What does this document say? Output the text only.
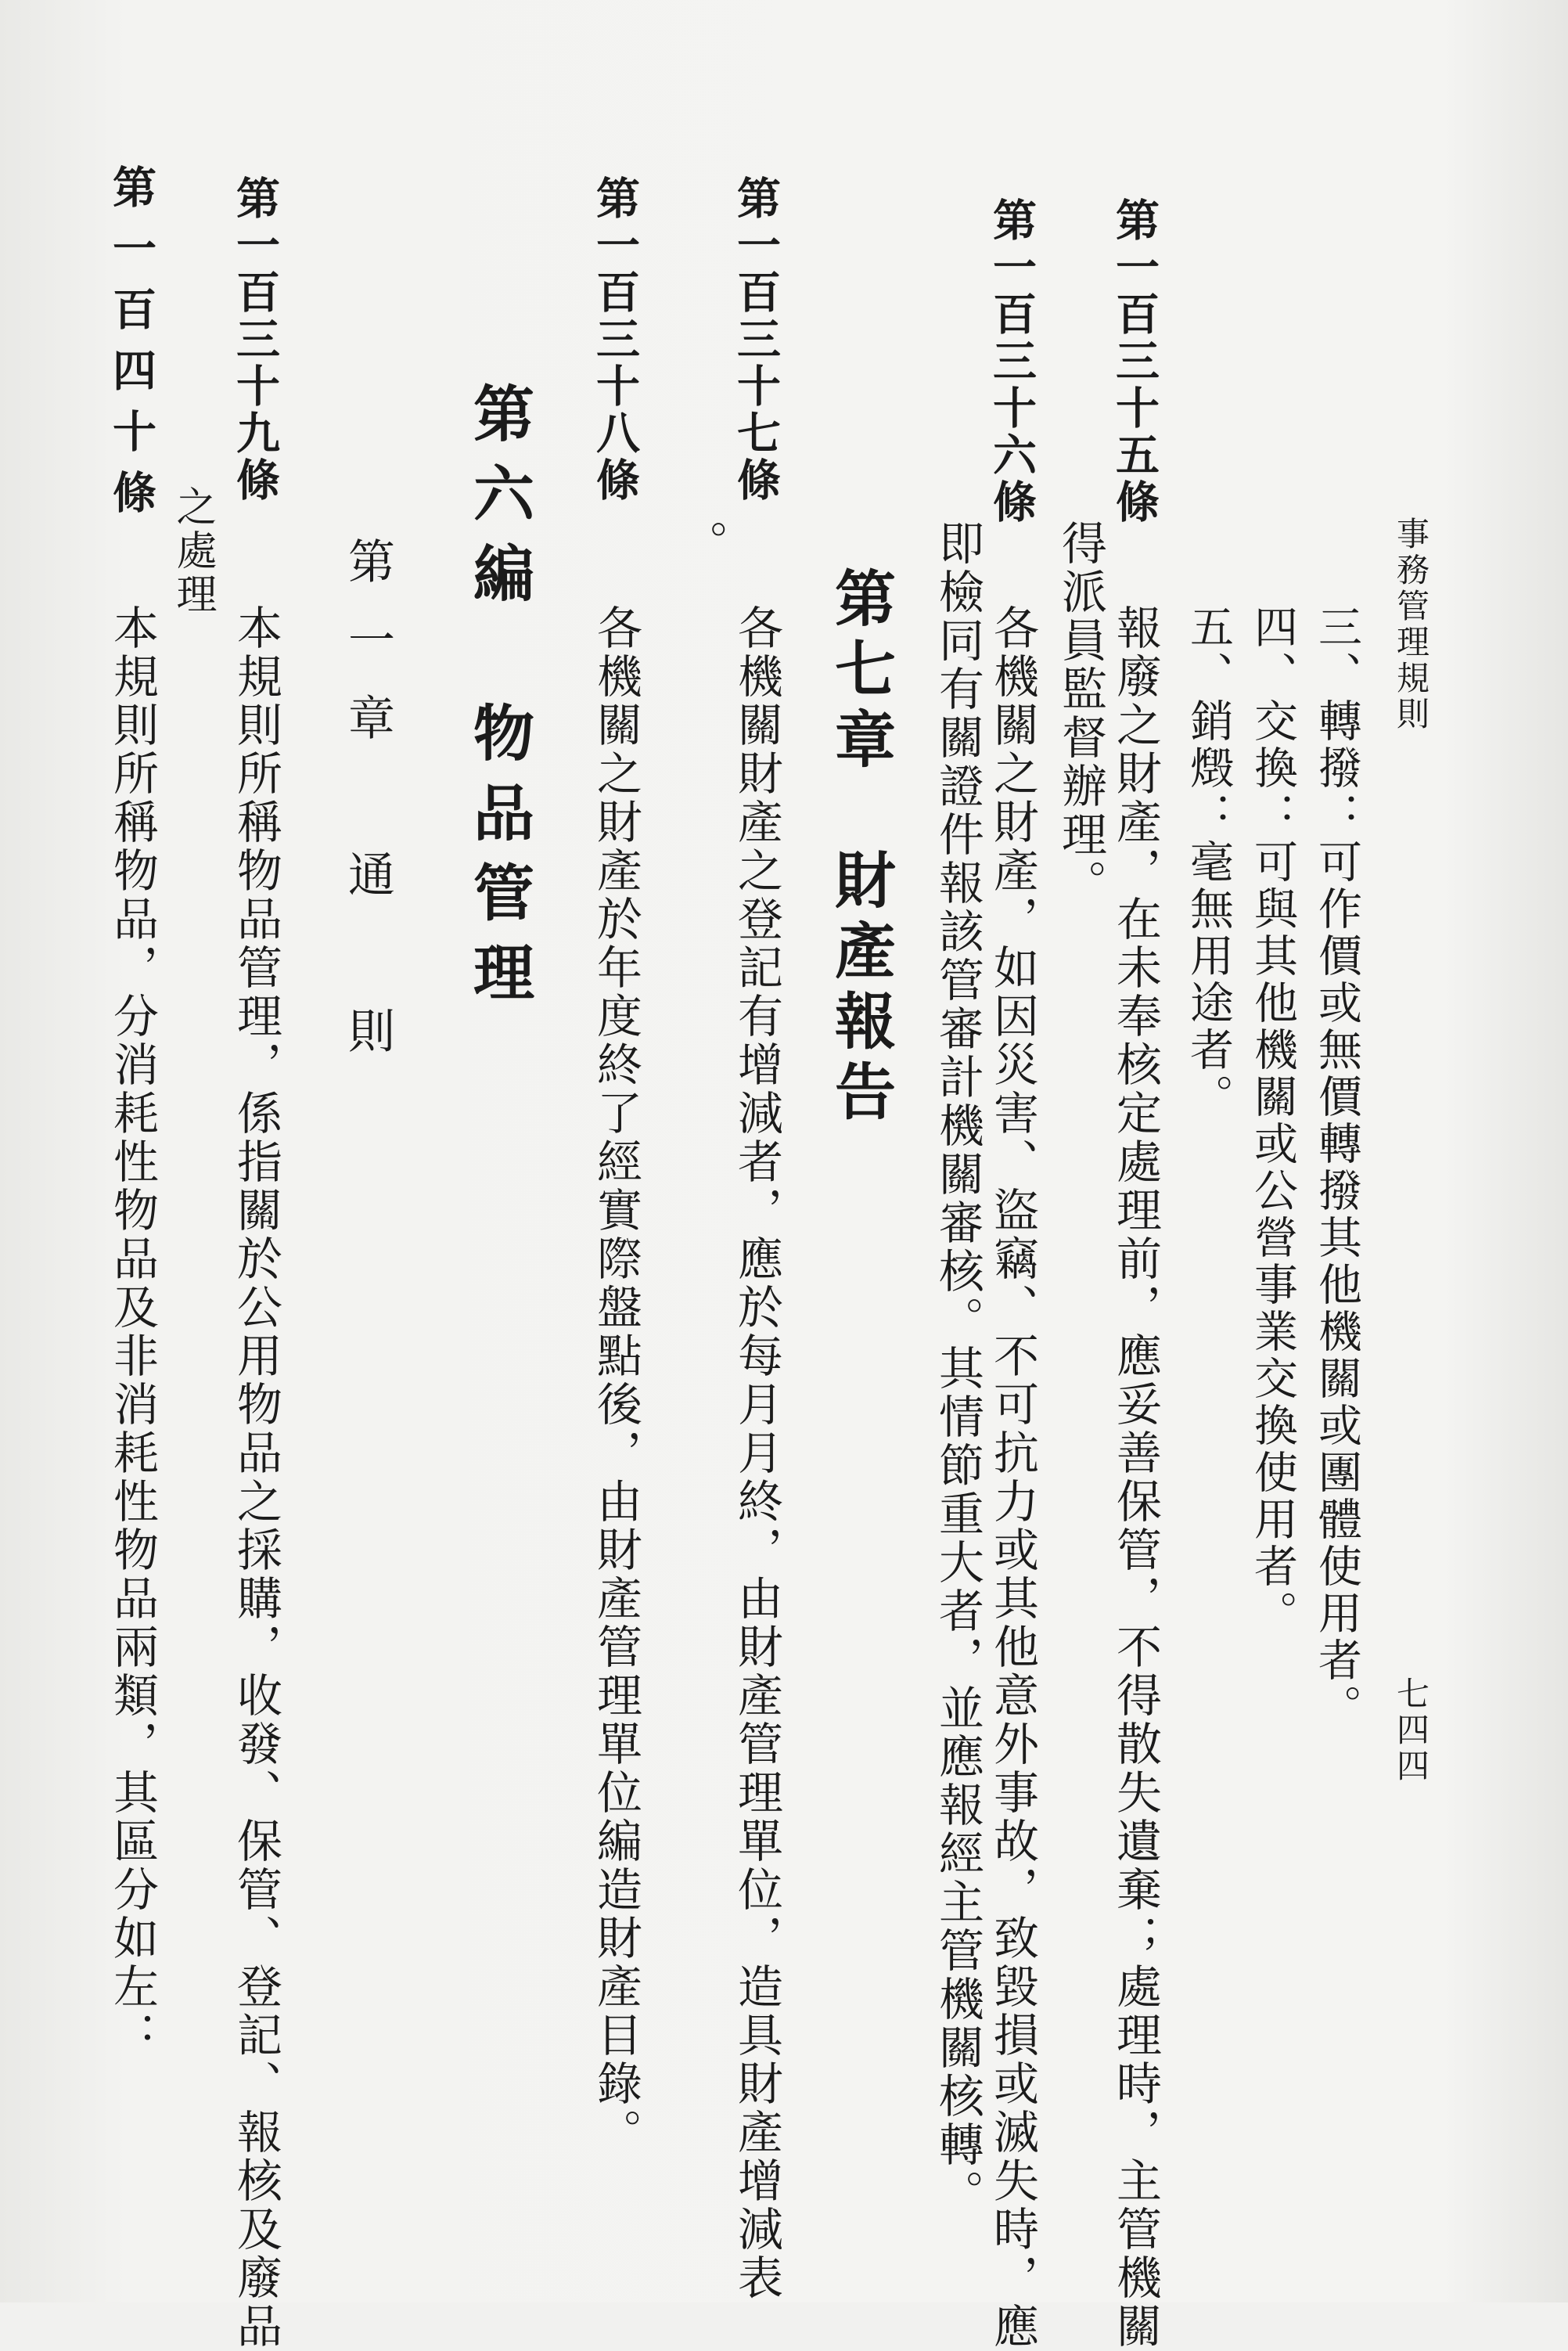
事務管理規則
七四四
三、轉撥：可作價或無價轉撥其他機關或團體使用者。
四、交換：可與其他機關或公營事業交換使用者。
五、銷燬：毫無用途者。
第一百三十五條
報廢之財產，在未奉核定處理前，應妥善保管，不得散失遺棄；處理時，主管機關
得派員監督辦理。
第一百三十六條
各機關之財產，如因災害、盜竊、不可抗力或其他意外事故，致毀損或滅失時，應
即檢同有關證件報該管審計機關審核。其情節重大者，並應報經主管機關核轉。
第七章　財產報告
第一百三十七條
各機關財產之登記有增減者，應於每月月終，由財產管理單位，造具財產增減表
。
第一百三十八條
各機關之財產於年度終了經實際盤點後，由財產管理單位編造財產目錄。
第六編　物品管理
第一章　通　則
第一百三十九條
本規則所稱物品管理，係指關於公用物品之採購，收發、保管、登記、報核及廢品
之處理
第一百四十條
本規則所稱物品，分消耗性物品及非消耗性物品兩類，其區分如左：
